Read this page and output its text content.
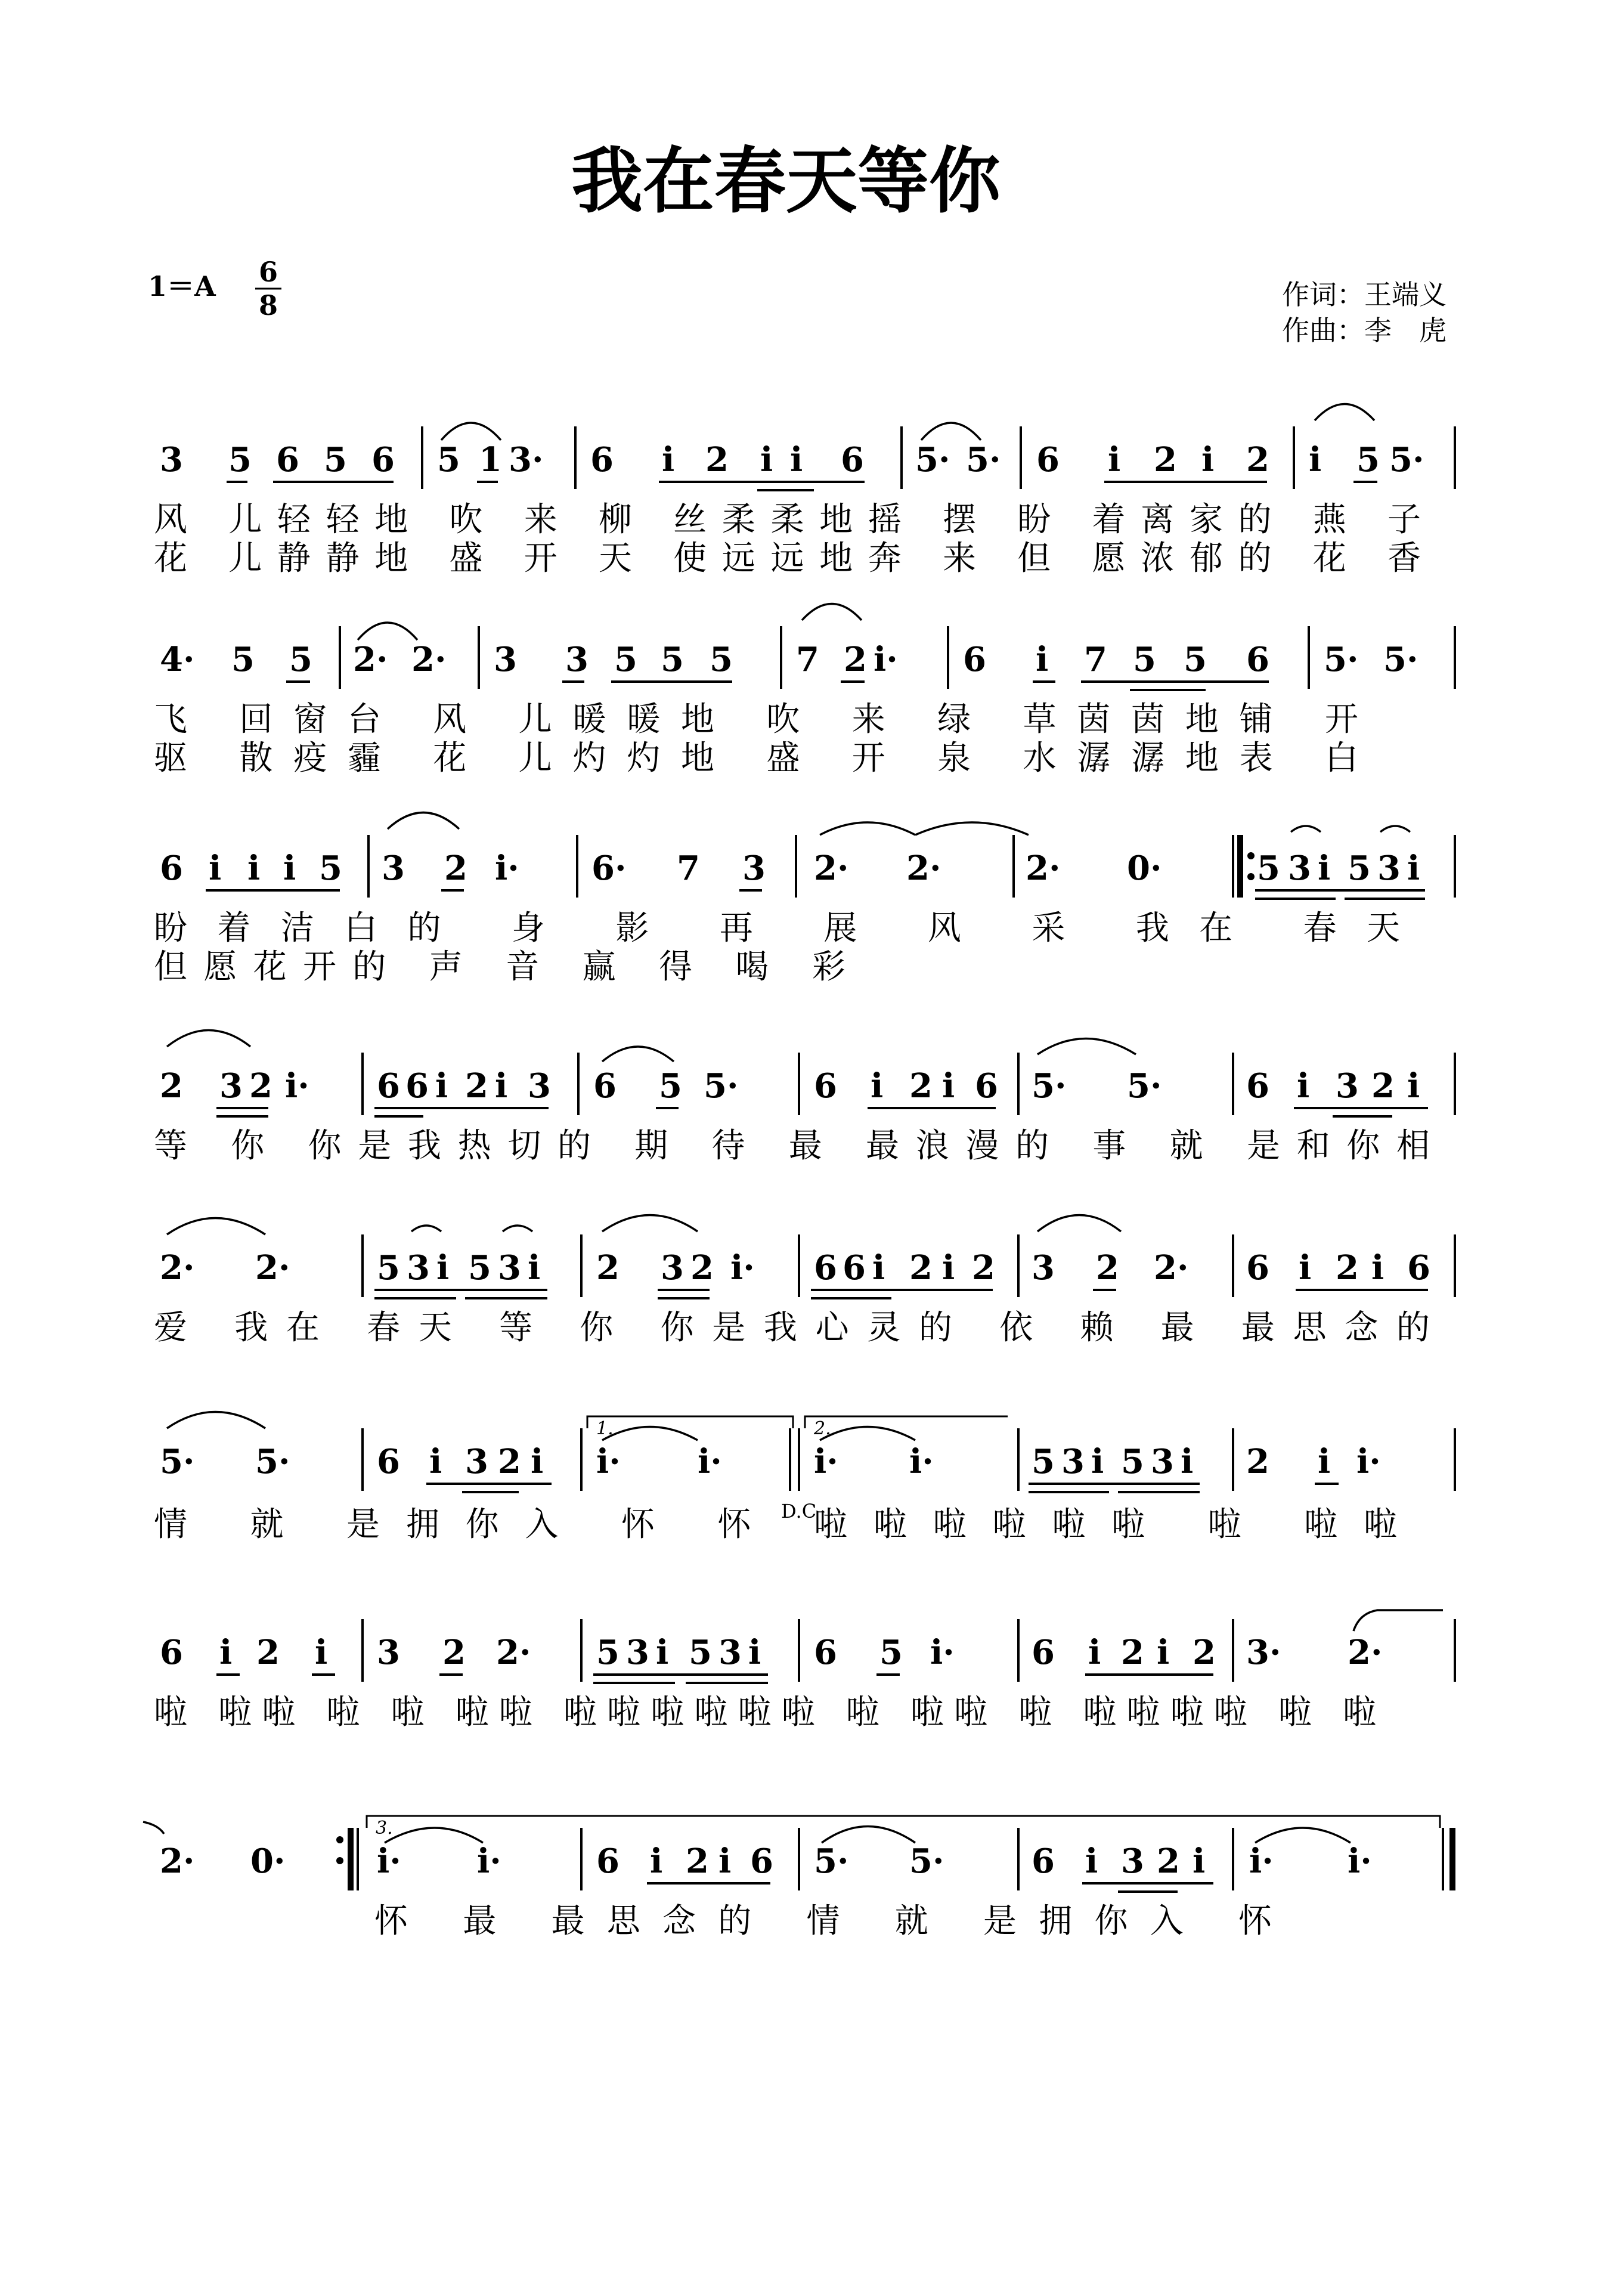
我在春天等你
1＝A 6
8	作词：王端义
作曲：李　虎
3 5 6 5 6 5 1 3· 6 i 2 i i 6 5· 5· 6 i 2 i 2 i 5 5·
风 儿轻轻地 吹 来 柳 丝柔柔地摇 摆 盼 着离家的 燕 子
花 儿静静地 盛 开 天 使远远地奔 来 但 愿浓郁的 花 香
4· 5 5 2· 2· 3 3 5 5 5 7 2 i· 6 i 7 5 5 6 5· 5·
飞 回窗台 风 儿暖暖地 吹 来 绿 草茵茵地铺 开
驱 散疫霾 花 儿灼灼地 盛 开 泉 水潺潺地表 白
6 i i i 5 3 2 i· 6· 7 3 2· 2·	2· 0·	5 3 i 5 3 i
盼着洁白的 身 影 再 展 风 采 我在 春天
但愿花开的 声 音 赢 得 喝 彩
2 3 2 i· 6 6 i 2 i 3 6 5 5· 6 i 2 i 6 5· 5·	6 i 3 2 i
等 你 你是我热切的 期 待 最 最浪漫的 事 就 是和你相
2· 2·	5 3 i 5 3 i 2 3 2 i· 6 6 i 2 i 2 3 2 2· 6 i 2 i 6
爱 我在 春天 等 你 你是我心灵的 依 赖 最 最思念的
5· 5·	6 i 3 2 i
1.
i· i·
D.C
2.
i· i·	5 3 i 5 3 i 2 i i·
情 就 是拥你入 怀 怀 啦啦啦啦啦啦 啦 啦啦
6 i 2 i 3 2 2· 5 3 i 5 3 i 6 5 i· 6 i 2 i 2 3· 2·
啦 啦啦 啦 啦 啦啦 啦啦啦啦啦啦 啦 啦啦 啦 啦啦啦啦 啦 啦
2· 0·
3.
i· i·	6 i 2 i 6 5· 5·	6 i 3 2 i i· i·
怀 最 最思念的 情 就 是拥你入 怀
